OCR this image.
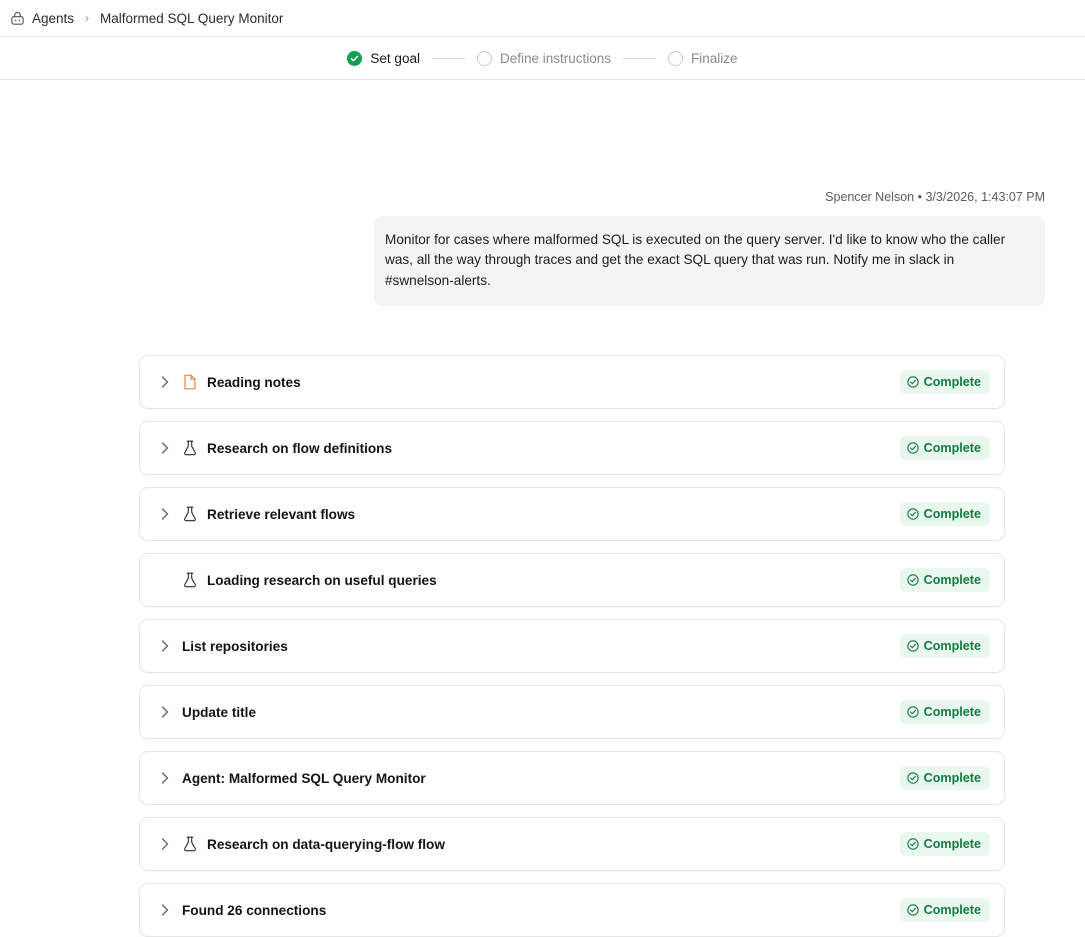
Agents › Malformed SQL Query Monitor
Set goal	Define instructions	Finalize
Spencer Nelson • 3/3/2026, 1:43:07 PM
Monitor for cases where malformed SQL is executed on the query server. I'd like to know who the caller was, all the way through traces and get the exact SQL query that was run. Notify me in slack in #swnelson-alerts.
Reading notes	Complete
Research on flow definitions	Complete
Retrieve relevant flows	Complete
Loading research on useful queries	Complete
List repositories	Complete
Update title	Complete
Agent: Malformed SQL Query Monitor	Complete
Research on data-querying-flow flow	Complete
Found 26 connections	Complete
